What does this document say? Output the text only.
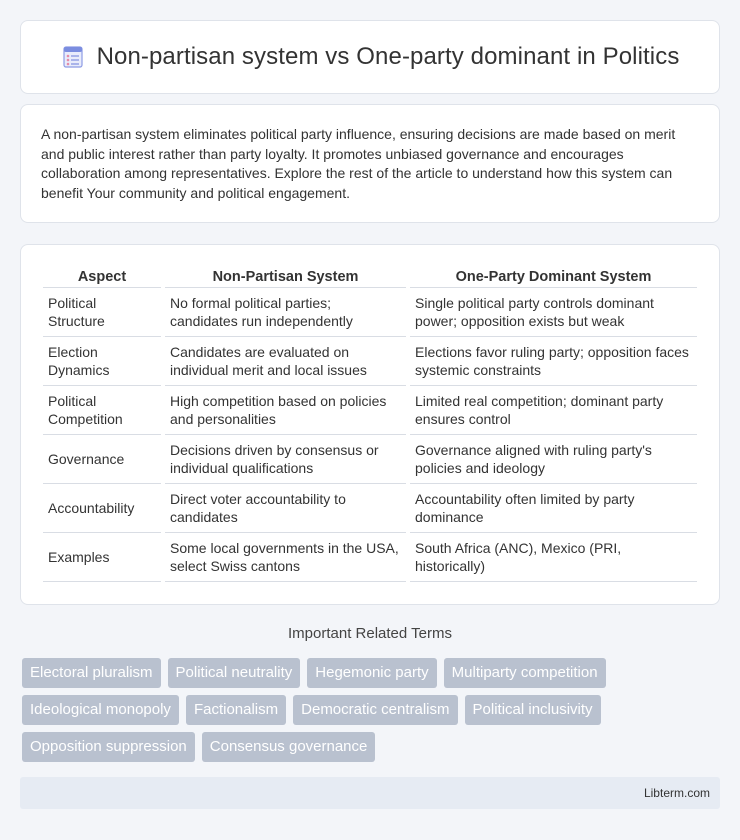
Non-partisan system vs One-party dominant in Politics

A non-partisan system eliminates political party influence, ensuring decisions are made based on merit and public interest rather than party loyalty. It promotes unbiased governance and encourages collaboration among representatives. Explore the rest of the article to understand how this system can benefit Your community and political engagement.

Aspect	Non-Partisan System	One-Party Dominant System
Political Structure	No formal political parties; candidates run independently	Single political party controls dominant power; opposition exists but weak
Election Dynamics	Candidates are evaluated on individual merit and local issues	Elections favor ruling party; opposition faces systemic constraints
Political Competition	High competition based on policies and personalities	Limited real competition; dominant party ensures control
Governance	Decisions driven by consensus or individual qualifications	Governance aligned with ruling party's policies and ideology
Accountability	Direct voter accountability to candidates	Accountability often limited by party dominance
Examples	Some local governments in the USA, select Swiss cantons	South Africa (ANC), Mexico (PRI, historically)
Important Related Terms
Electoral pluralism	Political neutrality	Hegemonic party	Multiparty competition
Ideological monopoly	Factionalism	Democratic centralism	Political inclusivity
Opposition suppression	Consensus governance
Libterm.com
